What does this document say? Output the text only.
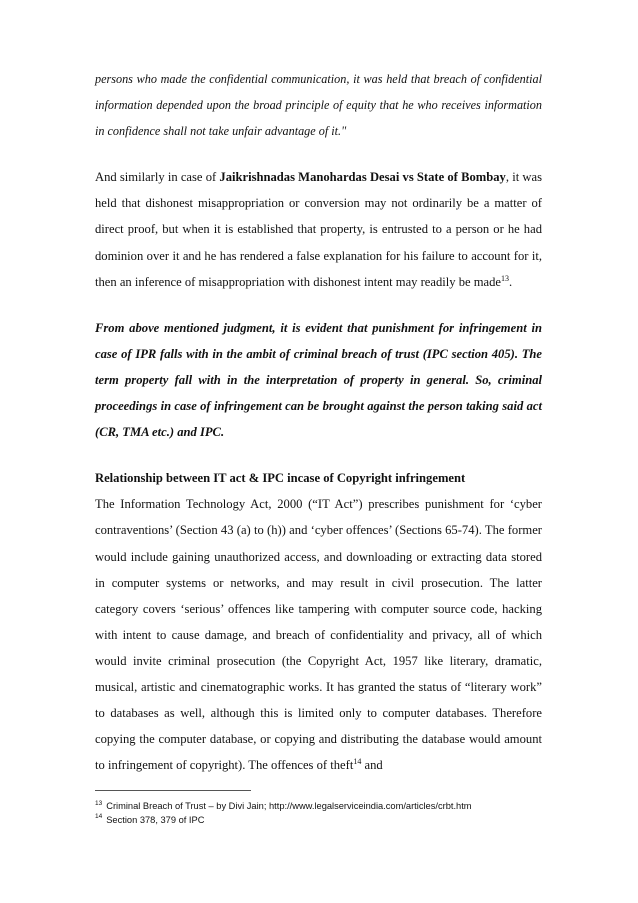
persons who made the confidential communication, it was held that breach of confidential information depended upon the broad principle of equity that he who receives information in confidence shall not take unfair advantage of it."

And similarly in case of Jaikrishnadas Manohardas Desai vs State of Bombay, it was held that dishonest misappropriation or conversion may not ordinarily be a matter of direct proof, but when it is established that property, is entrusted to a person or he had dominion over it and he has rendered a false explanation for his failure to account for it, then an inference of misappropriation with dishonest intent may readily be made$^{13}$.

From above mentioned judgment, it is evident that punishment for infringement in case of IPR falls with in the ambit of criminal breach of trust (IPC section 405). The term property fall with in the interpretation of property in general. So, criminal proceedings in case of infringement can be brought against the person taking said act (CR, TMA etc.) and IPC.

Relationship between IT act & IPC incase of Copyright infringement

The Information Technology Act, 2000 (“IT Act”) prescribes punishment for ‘cyber contraventions’ (Section 43 (a) to (h)) and ‘cyber offences’ (Sections 65-74). The former would include gaining unauthorized access, and downloading or extracting data stored in computer systems or networks, and may result in civil prosecution. The latter category covers ‘serious’ offences like tampering with computer source code, hacking with intent to cause damage, and breach of confidentiality and privacy, all of which would invite criminal prosecution (the Copyright Act, 1957 like literary, dramatic, musical, artistic and cinematographic works. It has granted the status of “literary work” to databases as well, although this is limited only to computer databases. Therefore copying the computer database, or copying and distributing the database would amount to infringement of copyright). The offences of theft$^{14}$ and

$^{13}$ Criminal Breach of Trust – by Divi Jain; http://www.legalserviceindia.com/articles/crbt.htm
$^{14}$ Section 378, 379 of IPC
